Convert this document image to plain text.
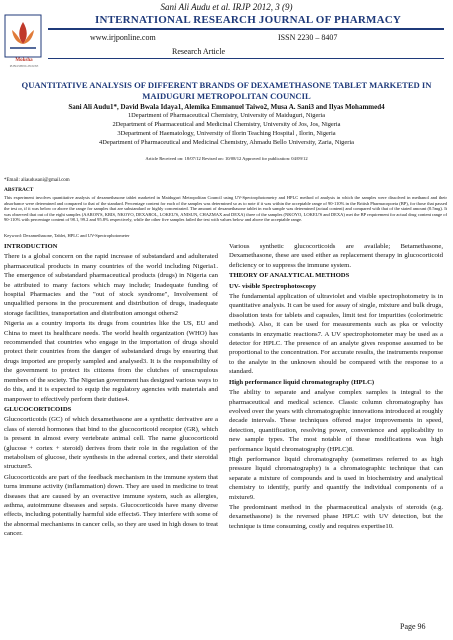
Sani Ali Audu et al. IRJP 2012, 3 (9)
Moksha
PUBLISHING HOUSE
INTERNATIONAL RESEARCH JOURNAL OF PHARMACY
www.irjponline.com	ISSN 2230 – 8407
Research Article
QUANTITATIVE ANALYSIS OF DIFFERENT BRANDS OF DEXAMETHASONE TABLET MARKETED IN
MAIDUGURI METROPOLITAN COUNCIL
Sani Ali Audu1*, David Bwala Idaya1, Alemika Emmanuel Taiwo2, Musa A. Sani3 and Ilyas Mohammed4
1Department of Pharmaceutical Chemistry, University of Maiduguri, Nigeria
2Department of Pharmaceutical and Medicinal Chemistry, University of Jos, Jos, Nigeria
3Department of Haematology, University of Ilorin Teaching Hospital , Ilorin, Nigeria
4Department of Pharmaceutical and Medicinal Chemistry, Ahmadu Bello University, Zaria, Nigeria
Article Received on: 18/07/12 Revised on: 10/08/12 Approved for publication: 04/09/12
*Email: aliaudusani@gmail.com
ABSTRACT
This experiment involves quantitative analysis of dexamethasone tablet marketed in Maiduguri Metropolitan Council using UV-Spectrophotometry and HPLC method of analysis in which the samples were dissolved in methanol and their absorbance were determined and compared to that of the standard. Percentage content for each of the samples was determined so as to note if it was within the acceptable range of 90-110% in the British Pharmacopoeia (BP), for those that passed the test or, if it was below or above the range for samples that are substandard or highly concentrated. The amount of dexamethasone tablet in each sample was determined (actual content) and compared with that of the stated amount (0.5mg). It was observed that out of the eight samples (AARON'S, KRIS, NKOYO, DEXAROL, LOKEU'S, ANISUN, CHAZMAX and DEXA) three of the samples (NKOYO, LOKEU'S and DEXA) met the BP requirement for actual drug content range of 90-110% with percentage content of 98.1, 99.2 and 95.8% respectively, while the other five samples failed the test with values below and above the acceptable range.
Keyword: Dexamethasone, Tablet, HPLC and UV-Spectrophotometer

INTRODUCTION

There is a global concern on the rapid increase of substandard and adulterated pharmaceutical products in many countries of the world including Nigeria1. The emergence of substandard pharmaceutical products (drugs) in Nigeria can be attributed to many factors which may include; Inadequate funding of hospital Pharmacies and the "out of stock syndrome", Involvement of unqualified persons in the procurement and distribution of drugs, inadequate storage facilities, transportation and distribution amongst others2

Nigeria as a country imports its drugs from countries like the US, EU and China to meet its healthcare needs. The world health organization (WHO) has recommended that countries who engage in the importation of drugs should protect their countries from the danger of substandard drugs by ensuring that drugs imported are properly sampled and analysed3. It is the responsibility of the government to protect its citizens from the clutches of unscrupulous members of the society. The Nigerian government has designed various ways to do this, and it is expected to equip the regulatory agencies with materials and manpower to effectively perform their duties4.

GLUCOCORTICOIDS

Glucocorticoids (GC) of which dexamethasone are a synthetic derivative are a class of steroid hormones that bind to the glucocorticoid receptor (GR), which is present in almost every vertebrate animal cell. The name glucocorticoid (glucose + cortex + steroid) derives from their role in the regulation of the metabolism of glucose, their synthesis in the adrenal cortex, and their steroidal structure5.

Glucocorticoids are part of the feedback mechanism in the immune system that turns immune activity (inflammation) down. They are used in medicine to treat diseases that are caused by an overactive immune system, such as allergies, asthma, autoimmune diseases and sepsis. Glucocorticoids have many diverse effects, including potentially harmful side effects6. They interfere with some of the abnormal mechanisms in cancer cells, so they are used in high doses to treat cancer.

Various synthetic glucocorticoids are available; Betamethasone, Dexamethasone, these are used either as replacement therapy in glucocorticoid deficiency or to suppress the immune system.

THEORY OF ANALYTICAL METHODS

UV- visible Spectrophotoscopy

The fundamental application of ultraviolet and visible spectrophotometry is in quantitative analysis. It can be used for assay of single, mixture and bulk drugs, dissolution tests for tablets and capsules, limit test for impurities (colorimetric methods). Also, it can be used for measurements such as pka or velocity constants in enzymatic reactions7. A UV spectrophotometer may be used as a detector for HPLC. The presence of an analyte gives response assumed to be proportional to the concentration. For accurate results, the instruments response to the analyte in the unknown should be compared with the response to a standard.

High performance liquid chromatography (HPLC)

The ability to separate and analyse complex samples is integral to the pharmaceutical and medical science. Classic column chromatography has evolved over the years with chromatographic innovations introduced at roughly decade intervals. These techniques offered major improvements in speed, detection, quantification, resolving power, convenience and applicability to new sample types. The most notable of these modifications was high performance liquid chromatography (HPLC)8.

High performance liquid chromatography (sometimes referred to as high pressure liquid chromatography) is a chromatographic technique that can separate a mixture of compounds and is used in biochemistry and analytical chemistry to identify, purify and quantify the individual components of a mixture9.

The predominant method in the pharmaceutical analysis of steroids (e.g. dexamethasone) is the reversed phase HPLC with UV detection, but the technique is time consuming, costly and requires expertise10.

Page 96
